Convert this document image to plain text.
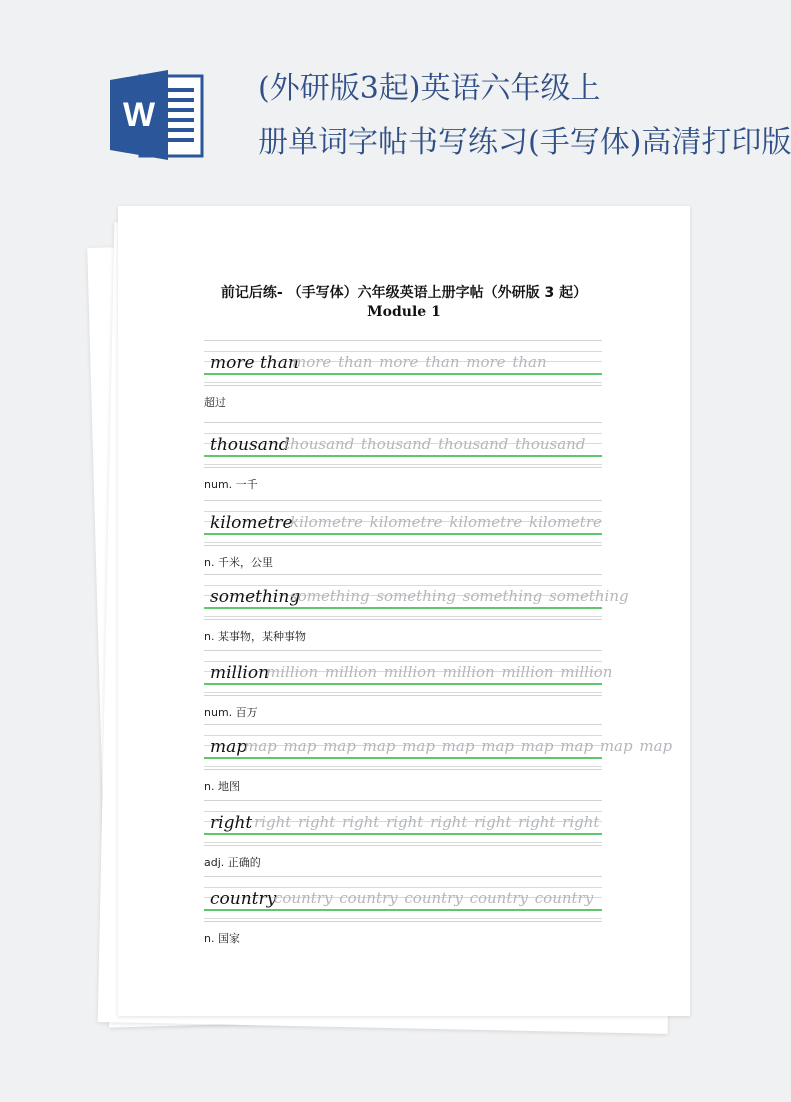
W
(外研版3起)英语六年级上
册单词字帖书写练习(手写体)高清打印版
前记后练- （手写体）六年级英语上册字帖（外研版 3 起）
Module 1
more than
more than more than more than
超过
thousand
thousand thousand thousand thousand
num. 一千
kilometre
kilometre kilometre kilometre kilometre
n. 千米，公里
something
something something something something
n. 某事物，某种事物
million
million million million million million million
num. 百万
map
map map map map map map map map map map map
n. 地图
right right right right right right right right right
adj. 正确的
country
country country country country country
n. 国家
